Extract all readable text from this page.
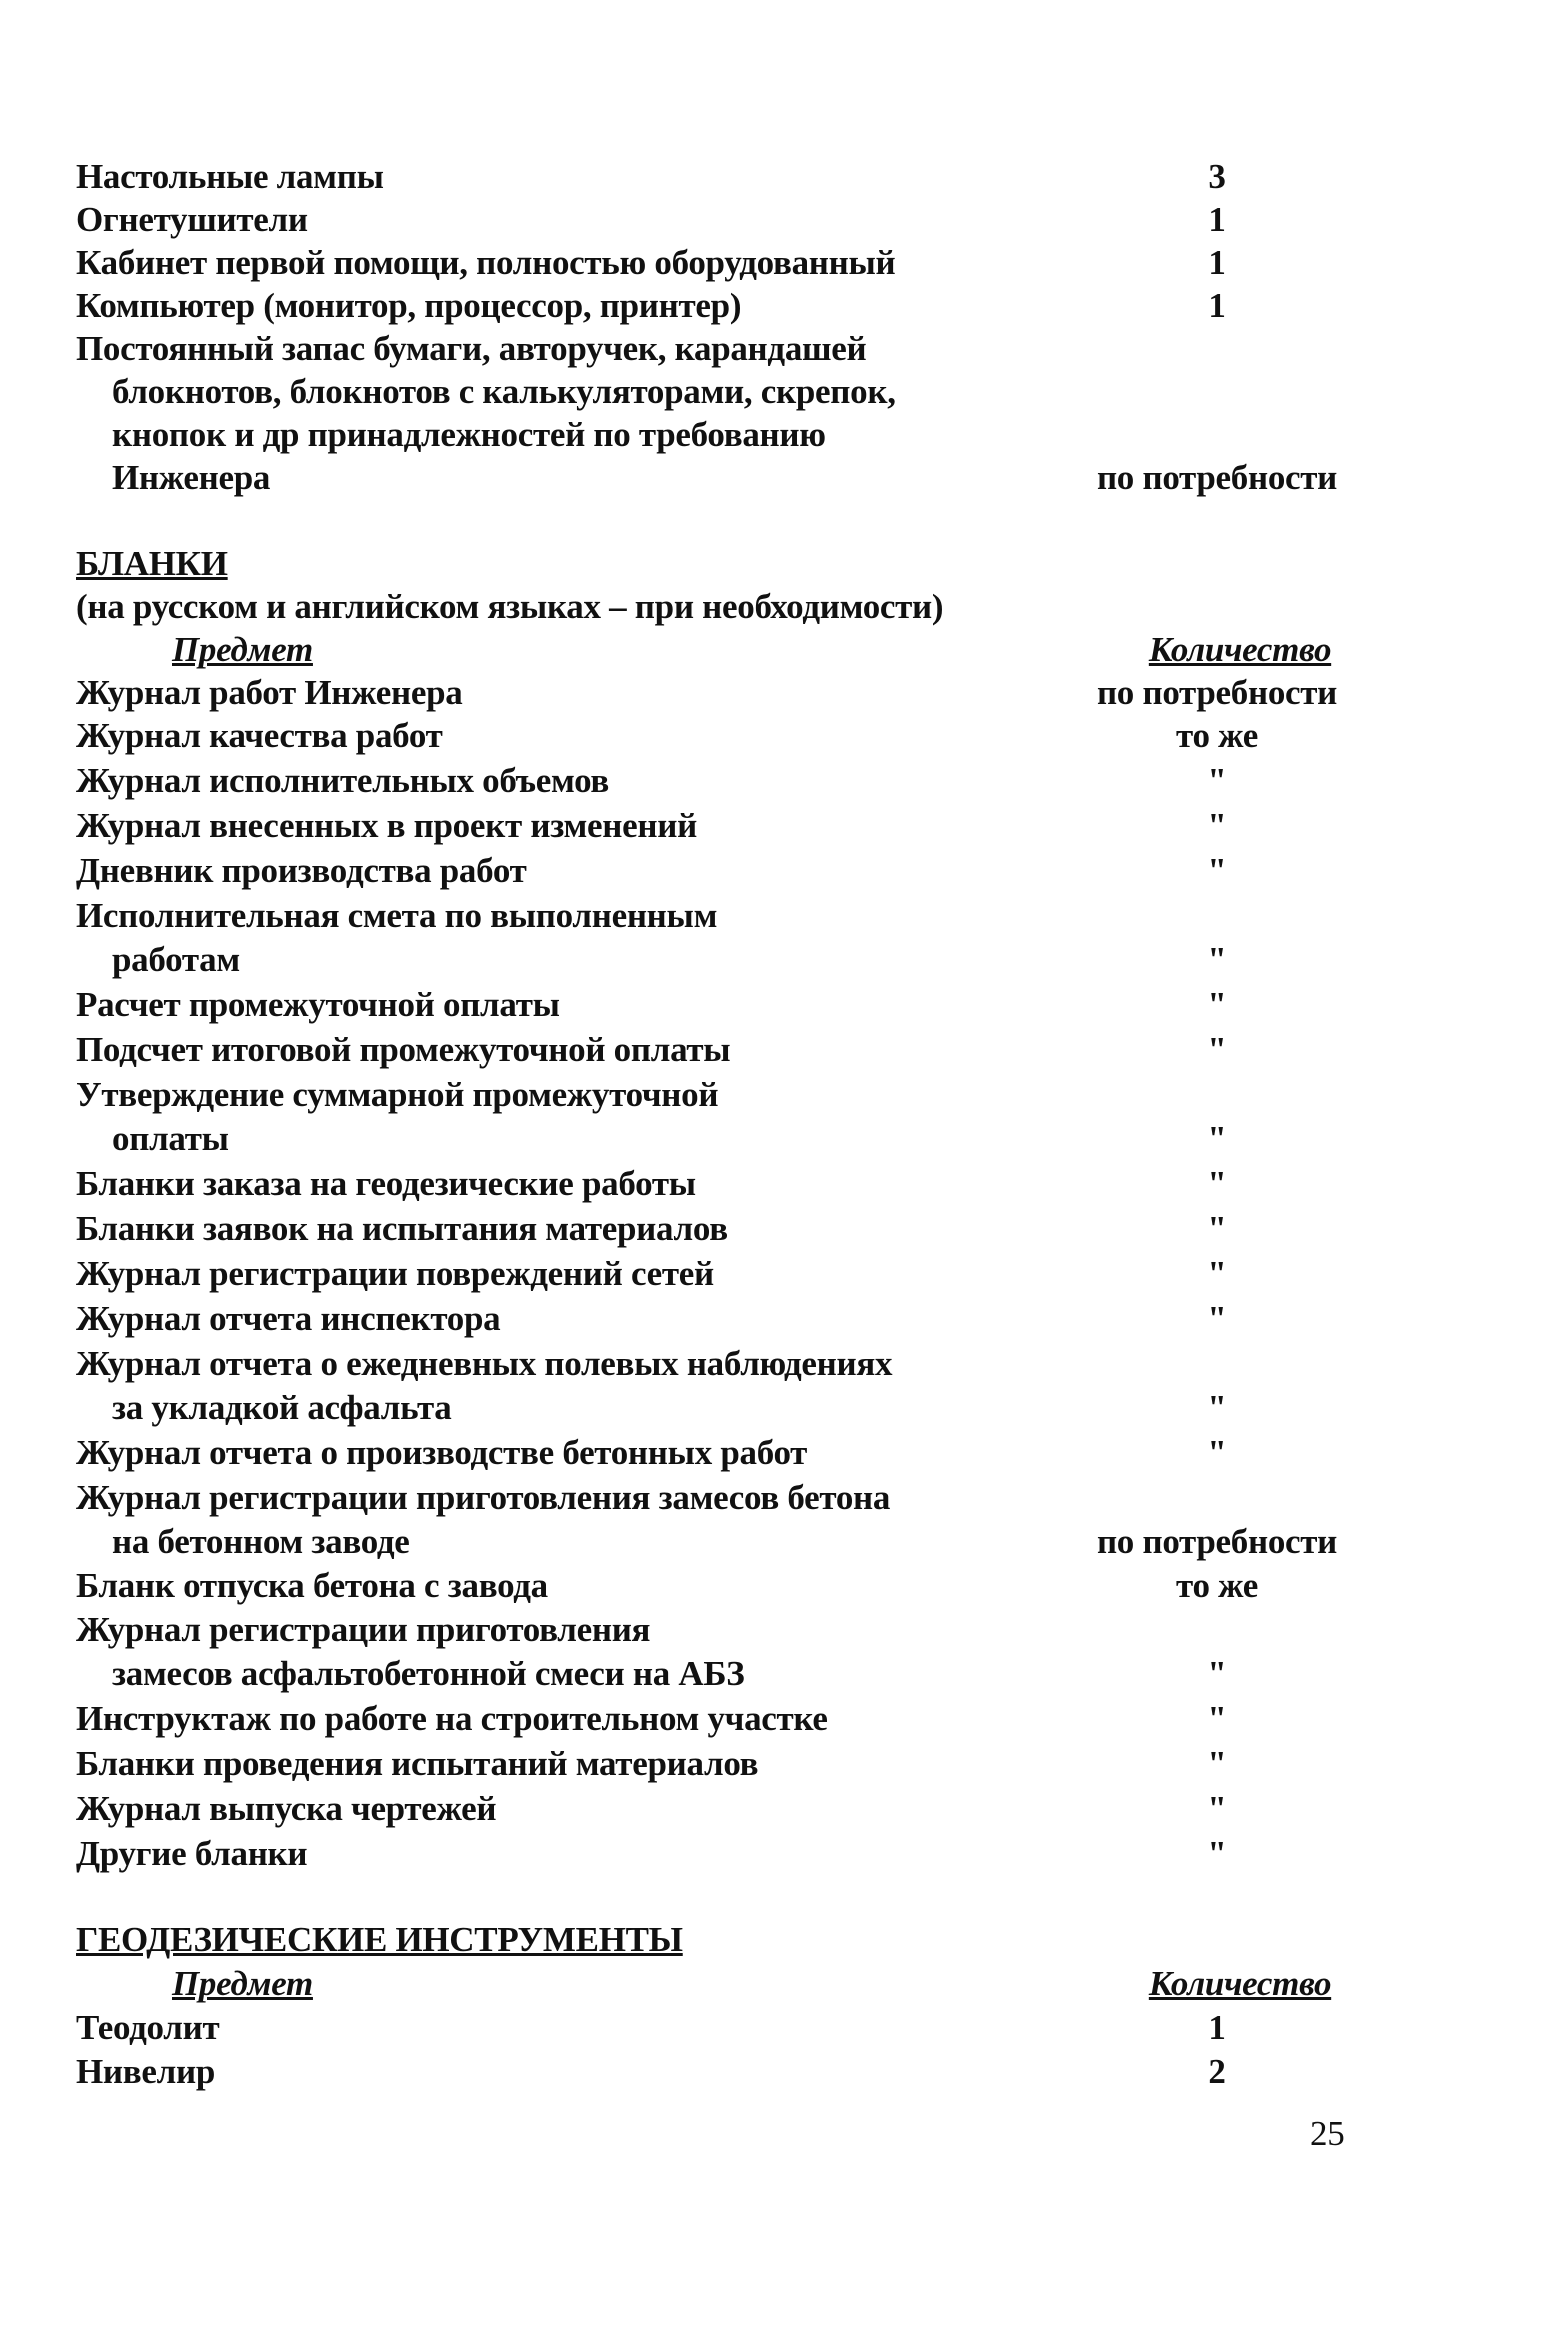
Настольные лампы	3
Огнетушители	1
Кабинет первой помощи, полностью оборудованный	1
Компьютер (монитор, процессор, принтер)	1
Постоянный запас бумаги, авторучек, карандашей
блокнотов, блокнотов с калькуляторами, скрепок,
кнопок и др принадлежностей по требованию
Инженера	по потребности
БЛАНКИ
(на русском и английском языках – при необходимости)
Предмет	Количество
Журнал работ Инженера	по потребности
Журнал качества работ	то же
Журнал исполнительных объемов	"
Журнал внесенных в проект изменений	"
Дневник производства работ	"
Исполнительная смета по выполненным
работам	"
Расчет промежуточной оплаты	"
Подсчет итоговой промежуточной оплаты	"
Утверждение суммарной промежуточной
оплаты	"
Бланки заказа на геодезические работы	"
Бланки заявок на испытания материалов	"
Журнал регистрации повреждений сетей	"
Журнал отчета инспектора	"
Журнал отчета о ежедневных полевых наблюдениях
за укладкой асфальта	"
Журнал отчета о производстве бетонных работ	"
Журнал регистрации приготовления замесов бетона
на бетонном заводе	по потребности
Бланк отпуска бетона с завода	то же
Журнал регистрации приготовления
замесов асфальтобетонной смеси на АБЗ	"
Инструктаж по работе на строительном участке	"
Бланки проведения испытаний материалов	"
Журнал выпуска чертежей	"
Другие бланки	"
ГЕОДЕЗИЧЕСКИЕ ИНСТРУМЕНТЫ
Предмет	Количество
Теодолит	1
Нивелир	2
25
